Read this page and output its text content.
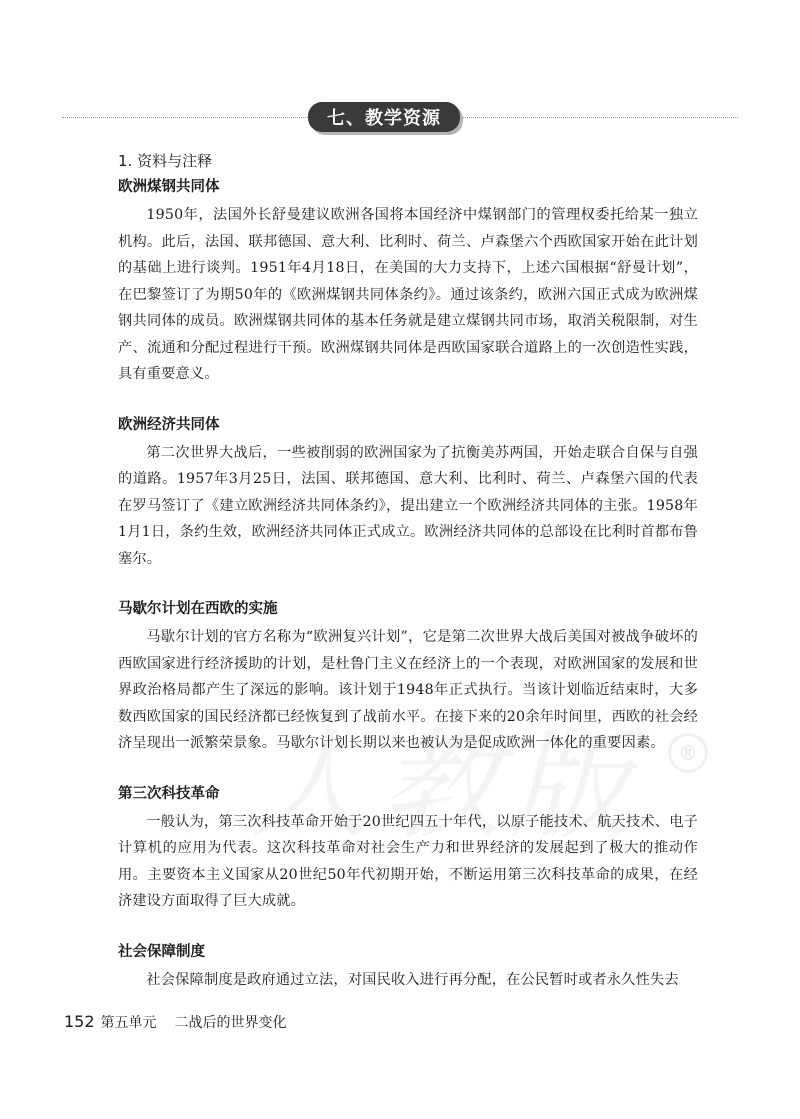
七、教学资源
®
1. 资料与注释
欧洲煤钢共同体

1950年，法国外长舒曼建议欧洲各国将本国经济中煤钢部门的管理权委托给某一独立机构。此后，法国、联邦德国、意大利、比利时、荷兰、卢森堡六个西欧国家开始在此计划的基础上进行谈判。1951年4月18日，在美国的大力支持下，上述六国根据“舒曼计划”，在巴黎签订了为期50年的《欧洲煤钢共同体条约》。通过该条约，欧洲六国正式成为欧洲煤钢共同体的成员。欧洲煤钢共同体的基本任务就是建立煤钢共同市场，取消关税限制，对生产、流通和分配过程进行干预。欧洲煤钢共同体是西欧国家联合道路上的一次创造性实践，具有重要意义。

欧洲经济共同体

第二次世界大战后，一些被削弱的欧洲国家为了抗衡美苏两国，开始走联合自保与自强的道路。1957年3月25日，法国、联邦德国、意大利、比利时、荷兰、卢森堡六国的代表在罗马签订了《建立欧洲经济共同体条约》，提出建立一个欧洲经济共同体的主张。1958年1月1日，条约生效，欧洲经济共同体正式成立。欧洲经济共同体的总部设在比利时首都布鲁塞尔。

马歇尔计划在西欧的实施

马歇尔计划的官方名称为“欧洲复兴计划”，它是第二次世界大战后美国对被战争破坏的西欧国家进行经济援助的计划，是杜鲁门主义在经济上的一个表现，对欧洲国家的发展和世界政治格局都产生了深远的影响。该计划于1948年正式执行。当该计划临近结束时，大多数西欧国家的国民经济都已经恢复到了战前水平。在接下来的20余年时间里，西欧的社会经济呈现出一派繁荣景象。马歇尔计划长期以来也被认为是促成欧洲一体化的重要因素。

第三次科技革命

一般认为，第三次科技革命开始于20世纪四五十年代，以原子能技术、航天技术、电子计算机的应用为代表。这次科技革命对社会生产力和世界经济的发展起到了极大的推动作用。主要资本主义国家从20世纪50年代初期开始，不断运用第三次科技革命的成果，在经济建设方面取得了巨大成就。

社会保障制度

社会保障制度是政府通过立法，对国民收入进行再分配，在公民暂时或者永久性失去

152 第五单元 二战后的世界变化
